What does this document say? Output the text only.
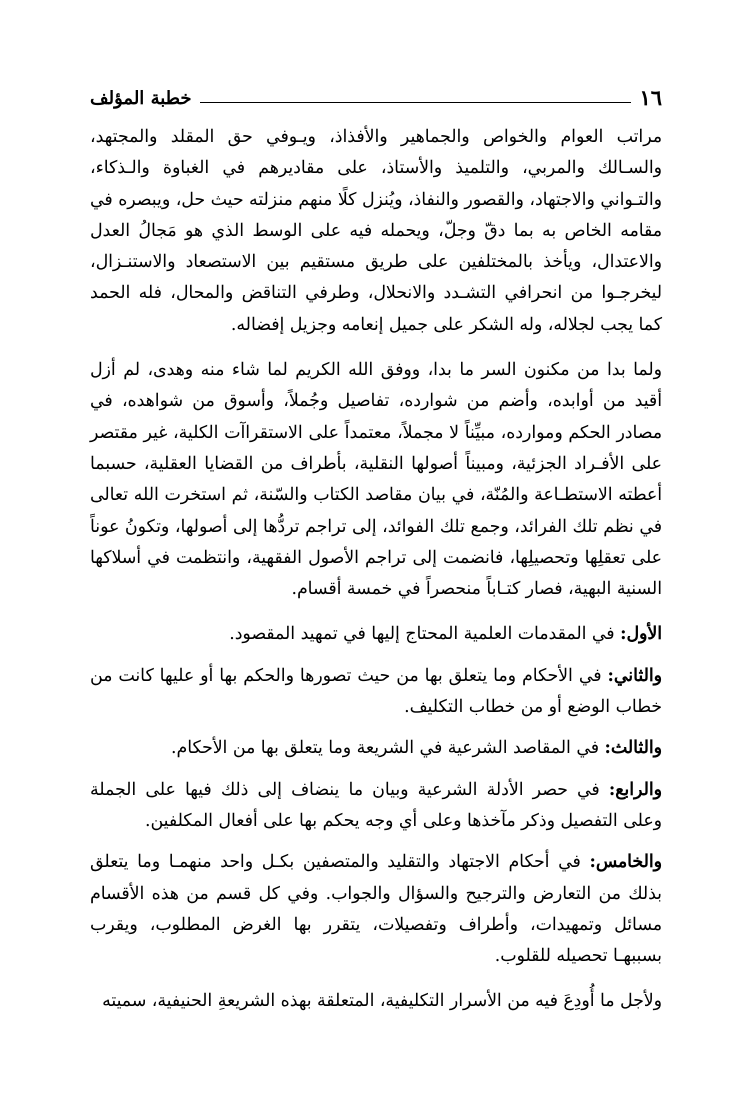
١٦
خطبة المؤلف

مراتب العوام والخواص والجماهير والأفذاذ، ويـوفي حق المقلد والمجتهد، والسـالك والمربي، والتلميذ والأستاذ، على مقاديرهم في الغباوة والـذكاء، والتـواني والاجتهاد، والقصور والنفاذ، ويُنزل كلًا منهم منزلته حيث حل، ويبصره في مقامه الخاص به بما دقّ وجلّ، ويحمله فيه على الوسط الذي هو مَجالُ العدل والاعتدال، ويأخذ بالمختلفين على طريق مستقيم بين الاستصعاد والاستنـزال، ليخرجـوا من انحرافي التشـدد والانحلال، وطرفي التناقض والمحال، فله الحمد كما يجب لجلاله، وله الشكر على جميل إنعامه وجزيل إفضاله.

ولما بدا من مكنون السر ما بدا، ووفق الله الكريم لما شاء منه وهدى، لم أزل أقيد من أوابده، وأضم من شوارده، تفاصيل وجُملاً، وأسوق من شواهده، في مصادر الحكم وموارده، مبيِّناً لا مجملاً، معتمداً على الاستقراآت الكلية، غير مقتصر على الأفـراد الجزئية، ومبيناً أصولها النقلية، بأطراف من القضايا العقلية، حسبما أعطته الاستطـاعة والمُنّة، في بيان مقاصد الكتاب والسّنة، ثم استخرت الله تعالى في نظم تلك الفرائد، وجمع تلك الفوائد، إلى تراجم تردُّها إلى أصولها، وتكونُ عوناً على تعقلِها وتحصيلِها، فانضمت إلى تراجم الأصول الفقهية، وانتظمت في أسلاكها السنية البهية، فصار كتـاباً منحصراً في خمسة أقسام.

الأول: في المقدمات العلمية المحتاج إليها في تمهيد المقصود.

والثاني: في الأحكام وما يتعلق بها من حيث تصورها والحكم بها أو عليها كانت من خطاب الوضع أو من خطاب التكليف.

والثالث: في المقاصد الشرعية في الشريعة وما يتعلق بها من الأحكام.

والرابع: في حصر الأدلة الشرعية وبيان ما ينضاف إلى ذلك فيها على الجملة وعلى التفصيل وذكر مآخذها وعلى أي وجه يحكم بها على أفعال المكلفين.

والخامس: في أحكام الاجتهاد والتقليد والمتصفين بكـل واحد منهمـا وما يتعلق بذلك من التعارض والترجيح والسؤال والجواب. وفي كل قسم من هذه الأقسام مسائل وتمهيدات، وأطراف وتفصيلات، يتقرر بها الغرض المطلوب، ويقرب بسببهـا تحصيله للقلوب.

ولأجل ما أُودِعَ فيه من الأسرار التكليفية، المتعلقة بهذه الشريعةِ الحنيفية، سميته
